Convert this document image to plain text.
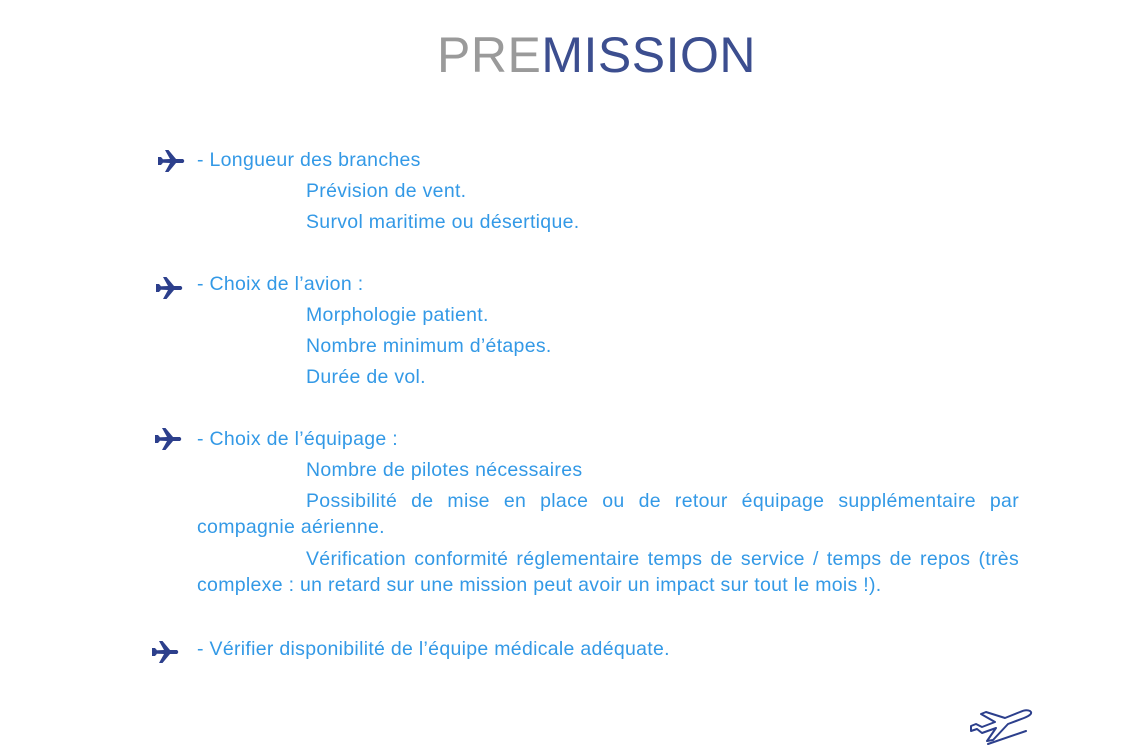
PREMISSION
- Longueur des branches
Prévision de vent.
Survol maritime ou désertique.
- Choix de l’avion :
Morphologie patient.
Nombre minimum d’étapes.
Durée de vol.
- Choix de l’équipage :
Nombre de pilotes nécessaires
Possibilité de mise en place ou de retour équipage supplémentaire par compagnie aérienne.
Vérification conformité réglementaire temps de service / temps de repos (très complexe : un retard sur une mission peut avoir un impact sur tout le mois !).
- Vérifier disponibilité de l’équipe médicale adéquate.
